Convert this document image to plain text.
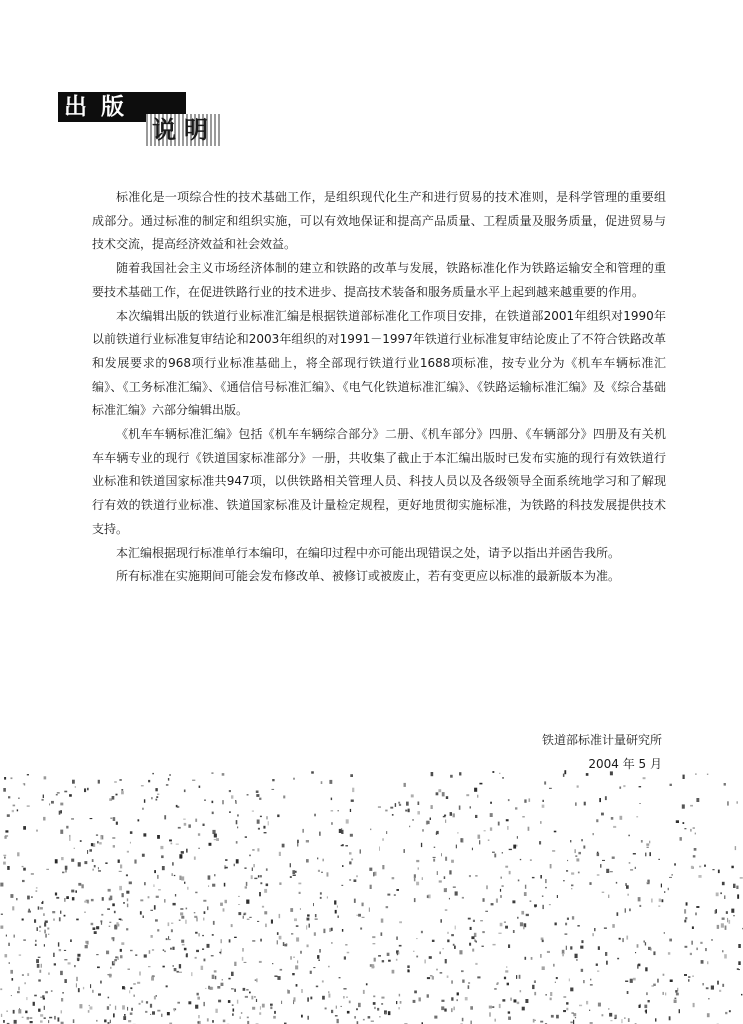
出版
说明

标准化是一项综合性的技术基础工作，是组织现代化生产和进行贸易的技术准则，是科学管理的重要组成部分。通过标准的制定和组织实施，可以有效地保证和提高产品质量、工程质量及服务质量，促进贸易与技术交流，提高经济效益和社会效益。

随着我国社会主义市场经济体制的建立和铁路的改革与发展，铁路标准化作为铁路运输安全和管理的重要技术基础工作，在促进铁路行业的技术进步、提高技术装备和服务质量水平上起到越来越重要的作用。

本次编辑出版的铁道行业标准汇编是根据铁道部标准化工作项目安排，在铁道部2001年组织对1990年以前铁道行业标准复审结论和2003年组织的对1991－1997年铁道行业标准复审结论废止了不符合铁路改革和发展要求的968项行业标准基础上，将全部现行铁道行业1688项标准，按专业分为《机车车辆标准汇编》、《工务标准汇编》、《通信信号标准汇编》、《电气化铁道标准汇编》、《铁路运输标准汇编》及《综合基础标准汇编》六部分编辑出版。

《机车车辆标准汇编》包括《机车车辆综合部分》二册、《机车部分》四册、《车辆部分》四册及有关机车车辆专业的现行《铁道国家标准部分》一册，共收集了截止于本汇编出版时已发布实施的现行有效铁道行业标准和铁道国家标准共947项，以供铁路相关管理人员、科技人员以及各级领导全面系统地学习和了解现行有效的铁道行业标准、铁道国家标准及计量检定规程，更好地贯彻实施标准，为铁路的科技发展提供技术支持。

本汇编根据现行标准单行本编印，在编印过程中亦可能出现错误之处，请予以指出并函告我所。

所有标准在实施期间可能会发布修改单、被修订或被废止，若有变更应以标准的最新版本为准。

铁道部标准计量研究所
2004 年 5 月
